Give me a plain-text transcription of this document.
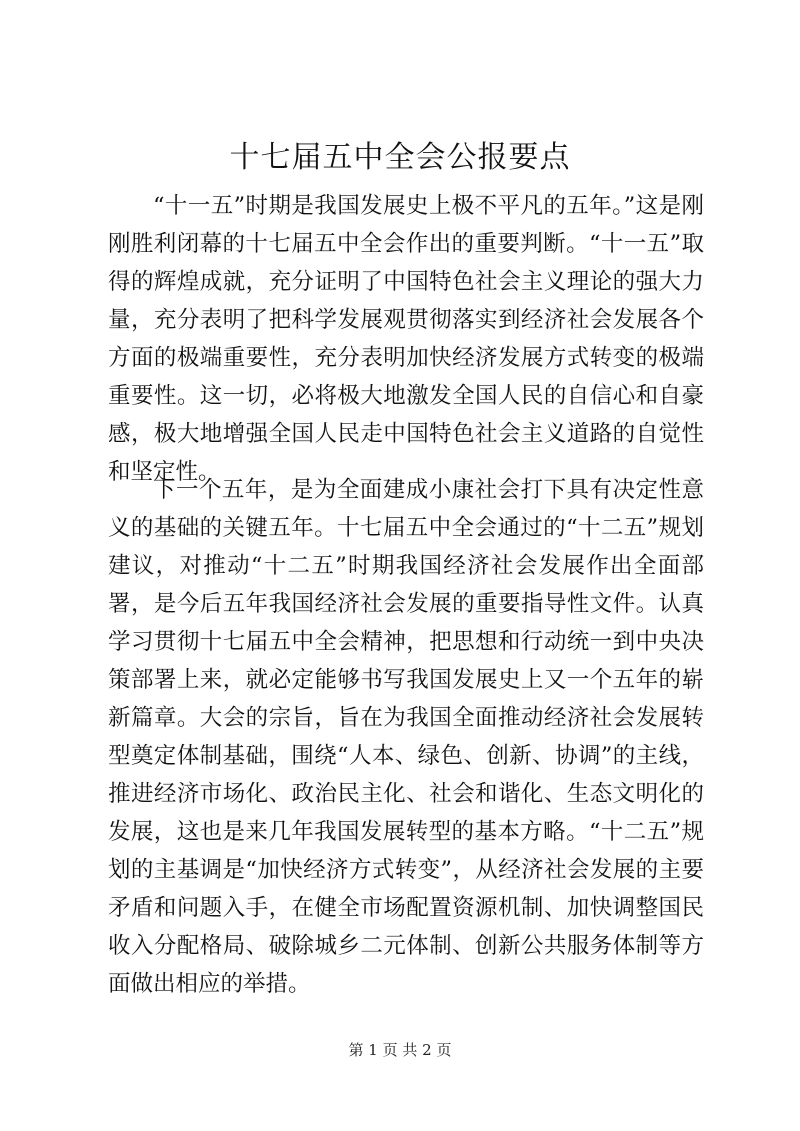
十七届五中全会公报要点

“十一五”时期是我国发展史上极不平凡的五年。”这是刚刚胜利闭幕的十七届五中全会作出的重要判断。“十一五”取得的辉煌成就，充分证明了中国特色社会主义理论的强大力量，充分表明了把科学发展观贯彻落实到经济社会发展各个方面的极端重要性，充分表明加快经济发展方式转变的极端重要性。这一切，必将极大地激发全国人民的自信心和自豪感，极大地增强全国人民走中国特色社会主义道路的自觉性和坚定性。

下一个五年，是为全面建成小康社会打下具有决定性意义的基础的关键五年。十七届五中全会通过的“十二五”规划建议，对推动“十二五”时期我国经济社会发展作出全面部署，是今后五年我国经济社会发展的重要指导性文件。认真学习贯彻十七届五中全会精神，把思想和行动统一到中央决策部署上来，就必定能够书写我国发展史上又一个五年的崭新篇章。大会的宗旨，旨在为我国全面推动经济社会发展转型奠定体制基础，围绕“人本、绿色、创新、协调”的主线，推进经济市场化、政治民主化、社会和谐化、生态文明化的发展，这也是来几年我国发展转型的基本方略。“十二五”规划的主基调是“加快经济方式转变”，从经济社会发展的主要矛盾和问题入手，在健全市场配置资源机制、加快调整国民收入分配格局、破除城乡二元体制、创新公共服务体制等方面做出相应的举措。

第 1 页 共 2 页
